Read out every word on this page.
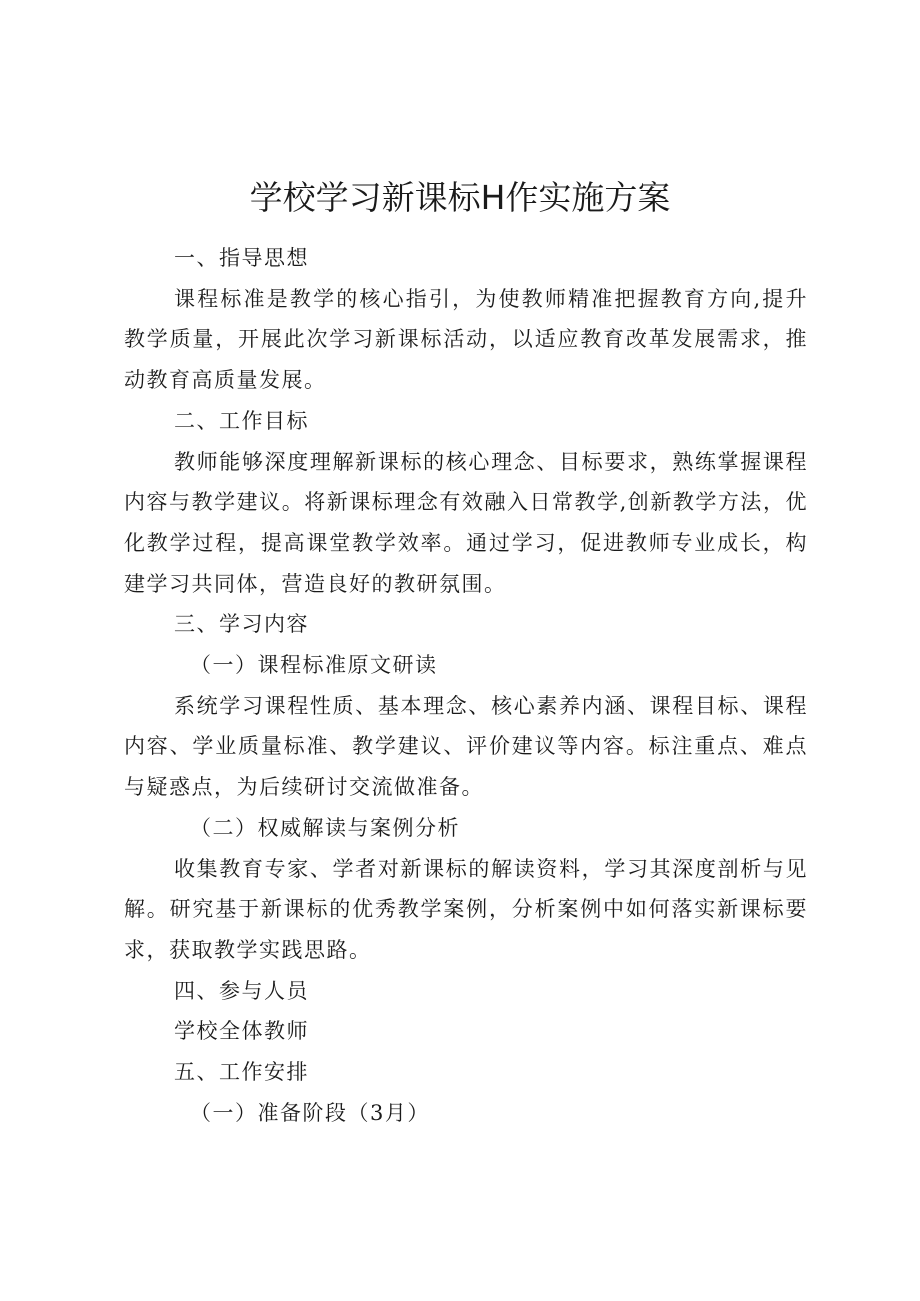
学校学习新课标H作实施方案

一、指导思想

课程标准是教学的核心指引，为使教师精准把握教育方向,提升教学质量，开展此次学习新课标活动，以适应教育改革发展需求，推动教育高质量发展。

二、工作目标

教师能够深度理解新课标的核心理念、目标要求，熟练掌握课程内容与教学建议。将新课标理念有效融入日常教学,创新教学方法，优化教学过程，提高课堂教学效率。通过学习，促进教师专业成长，构建学习共同体，营造良好的教研氛围。

三、学习内容

（一）课程标准原文研读

系统学习课程性质、基本理念、核心素养内涵、课程目标、课程内容、学业质量标准、教学建议、评价建议等内容。标注重点、难点与疑惑点，为后续研讨交流做准备。

（二）权威解读与案例分析

收集教育专家、学者对新课标的解读资料，学习其深度剖析与见解。研究基于新课标的优秀教学案例，分析案例中如何落实新课标要求，获取教学实践思路。

四、参与人员

学校全体教师

五、工作安排

（一）准备阶段（3月）
